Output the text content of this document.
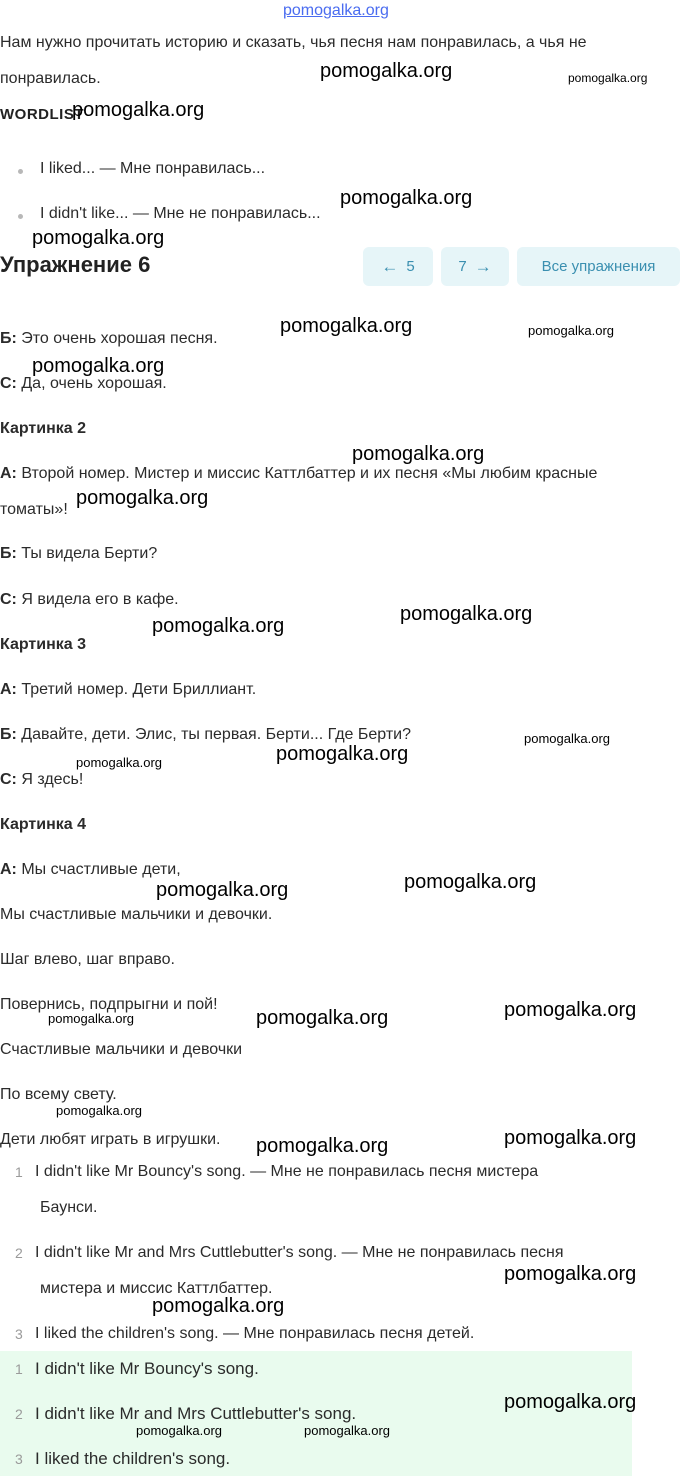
pomogalka.org
Нам нужно прочитать историю и сказать, чья песня нам понравилась, а чья не
понравилась.
WORDLIST
I liked... — Мне понравилась...
I didn't like... — Мне не понравилась...
Упражнение 6	← 5	7 →	Все упражнения
Б: Это очень хорошая песня.
С: Да, очень хорошая.
Картинка 2
А: Второй номер. Мистер и миссис Каттлбаттер и их песня «Мы любим красные
томаты»!
Б: Ты видела Берти?
С: Я видела его в кафе.
Картинка 3
А: Третий номер. Дети Бриллиант.
Б: Давайте, дети. Элис, ты первая. Берти... Где Берти?
С: Я здесь!
Картинка 4
А: Мы счастливые дети,
Мы счастливые мальчики и девочки.
Шаг влево, шаг вправо.
Повернись, подпрыгни и пой!
Счастливые мальчики и девочки
По всему свету.
Дети любят играть в игрушки.
1 I didn't like Mr Bouncy's song. — Мне не понравилась песня мистера
Баунси.
2 I didn't like Mr and Mrs Cuttlebutter's song. — Мне не понравилась песня
мистера и миссис Каттлбаттер.
3 I liked the children's song. — Мне понравилась песня детей.
1 I didn't like Mr Bouncy's song.
2 I didn't like Mr and Mrs Cuttlebutter's song.
3 I liked the children's song.
pomogalka.org	pomogalka.org
pomogalka.org
pomogalka.org
pomogalka.org
pomogalka.org	pomogalka.org
pomogalka.org
pomogalka.org
pomogalka.org
pomogalka.org
pomogalka.org
pomogalka.org
pomogalka.org
pomogalka.org
pomogalka.org
pomogalka.org
pomogalka.org
pomogalka.org
pomogalka.org
pomogalka.org
pomogalka.org
pomogalka.org
pomogalka.org
pomogalka.org
pomogalka.org
pomogalka.org	pomogalka.org
